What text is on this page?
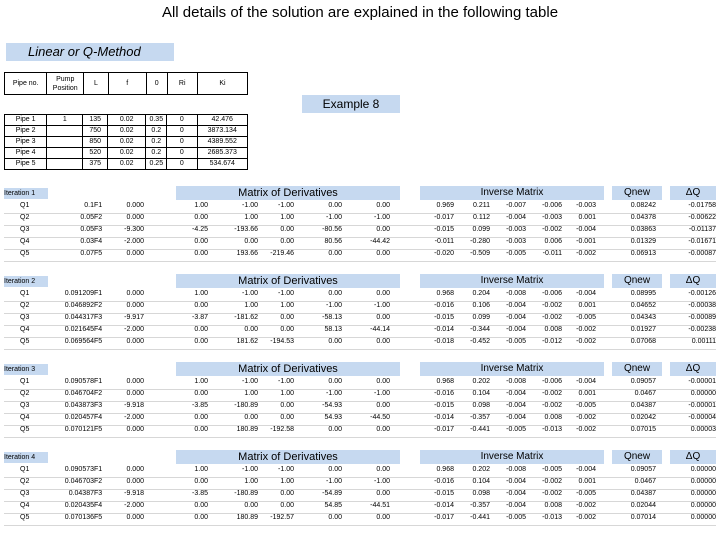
All details of the solution are explained in the following table
Linear or Q-Method
Pipe no.	Pump Position	L	f	0	Ri	Ki
Example 8
Pipe 1	1	135	0.02	0.35	0	42.476
Pipe 2		750	0.02	0.2	0	3873.134
Pipe 3		850	0.02	0.2	0	4389.552
Pipe 4		520	0.02	0.2	0	2685.373
Pipe 5		375	0.02	0.25	0	534.674
Iteration 1	Matrix of Derivatives	Inverse Matrix	Qnew	ΔQ
Q1	0.1 F1	0.000	1.00	-1.00	-1.00	0.00	0.00	0.969	0.211	-0.007	-0.006	-0.003	0.08242	-0.01758
Q2	0.05 F2	0.000	0.00	1.00	1.00	-1.00	-1.00	-0.017	0.112	-0.004	-0.003	0.001	0.04378	-0.00622
Q3	0.05 F3	-9.300	-4.25	-193.66	0.00	-80.56	0.00	-0.015	0.099	-0.003	-0.002	-0.004	0.03863	-0.01137
Q4	0.03 F4	-2.000	0.00	0.00	0.00	80.56	-44.42	-0.011	-0.280	-0.003	0.006	-0.001	0.01329	-0.01671
Q5	0.07 F5	0.000	0.00	193.66	-219.46	0.00	0.00	-0.020	-0.509	-0.005	-0.011	-0.002	0.06913	-0.00087
Iteration 2	Matrix of Derivatives	Inverse Matrix	Qnew	ΔQ
Q1	0.091209 F1	0.000	1.00	-1.00	-1.00	0.00	0.00	0.968	0.204	-0.008	-0.006	-0.004	0.08995	-0.00126
Q2	0.046892 F2	0.000	0.00	1.00	1.00	-1.00	-1.00	-0.016	0.106	-0.004	-0.002	0.001	0.04652	-0.00038
Q3	0.044317 F3	-9.917	-3.87	-181.62	0.00	-58.13	0.00	-0.015	0.099	-0.004	-0.002	-0.005	0.04343	-0.00089
Q4	0.021645 F4	-2.000	0.00	0.00	0.00	58.13	-44.14	-0.014	-0.344	-0.004	0.008	-0.002	0.01927	-0.00238
Q5	0.069564 F5	0.000	0.00	181.62	-194.53	0.00	0.00	-0.018	-0.452	-0.005	-0.012	-0.002	0.07068	0.00111
Iteration 3	Matrix of Derivatives	Inverse Matrix	Qnew	ΔQ
Q1	0.090578 F1	0.000	1.00	-1.00	-1.00	0.00	0.00	0.968	0.202	-0.008	-0.006	-0.004	0.09057	-0.00001
Q2	0.046704 F2	0.000	0.00	1.00	1.00	-1.00	-1.00	-0.016	0.104	-0.004	-0.002	0.001	0.0467	0.00000
Q3	0.043873 F3	-9.918	-3.85	-180.89	0.00	-54.93	0.00	-0.015	0.098	-0.004	-0.002	-0.005	0.04387	-0.00001
Q4	0.020457 F4	-2.000	0.00	0.00	0.00	54.93	-44.50	-0.014	-0.357	-0.004	0.008	-0.002	0.02042	-0.00004
Q5	0.070121 F5	0.000	0.00	180.89	-192.58	0.00	0.00	-0.017	-0.441	-0.005	-0.013	-0.002	0.07015	0.00003
Iteration 4	Matrix of Derivatives	Inverse Matrix	Qnew	ΔQ
Q1	0.090573 F1	0.000	1.00	-1.00	-1.00	0.00	0.00	0.968	0.202	-0.008	-0.005	-0.004	0.09057	0.00000
Q2	0.046703 F2	0.000	0.00	1.00	1.00	-1.00	-1.00	-0.016	0.104	-0.004	-0.002	0.001	0.0467	0.00000
Q3	0.04387 F3	-9.918	-3.85	-180.89	0.00	-54.89	0.00	-0.015	0.098	-0.004	-0.002	-0.005	0.04387	0.00000
Q4	0.020435 F4	-2.000	0.00	0.00	0.00	54.85	-44.51	-0.014	-0.357	-0.004	0.008	-0.002	0.02044	0.00000
Q5	0.070136 F5	0.000	0.00	180.89	-192.57	0.00	0.00	-0.017	-0.441	-0.005	-0.013	-0.002	0.07014	0.00000
